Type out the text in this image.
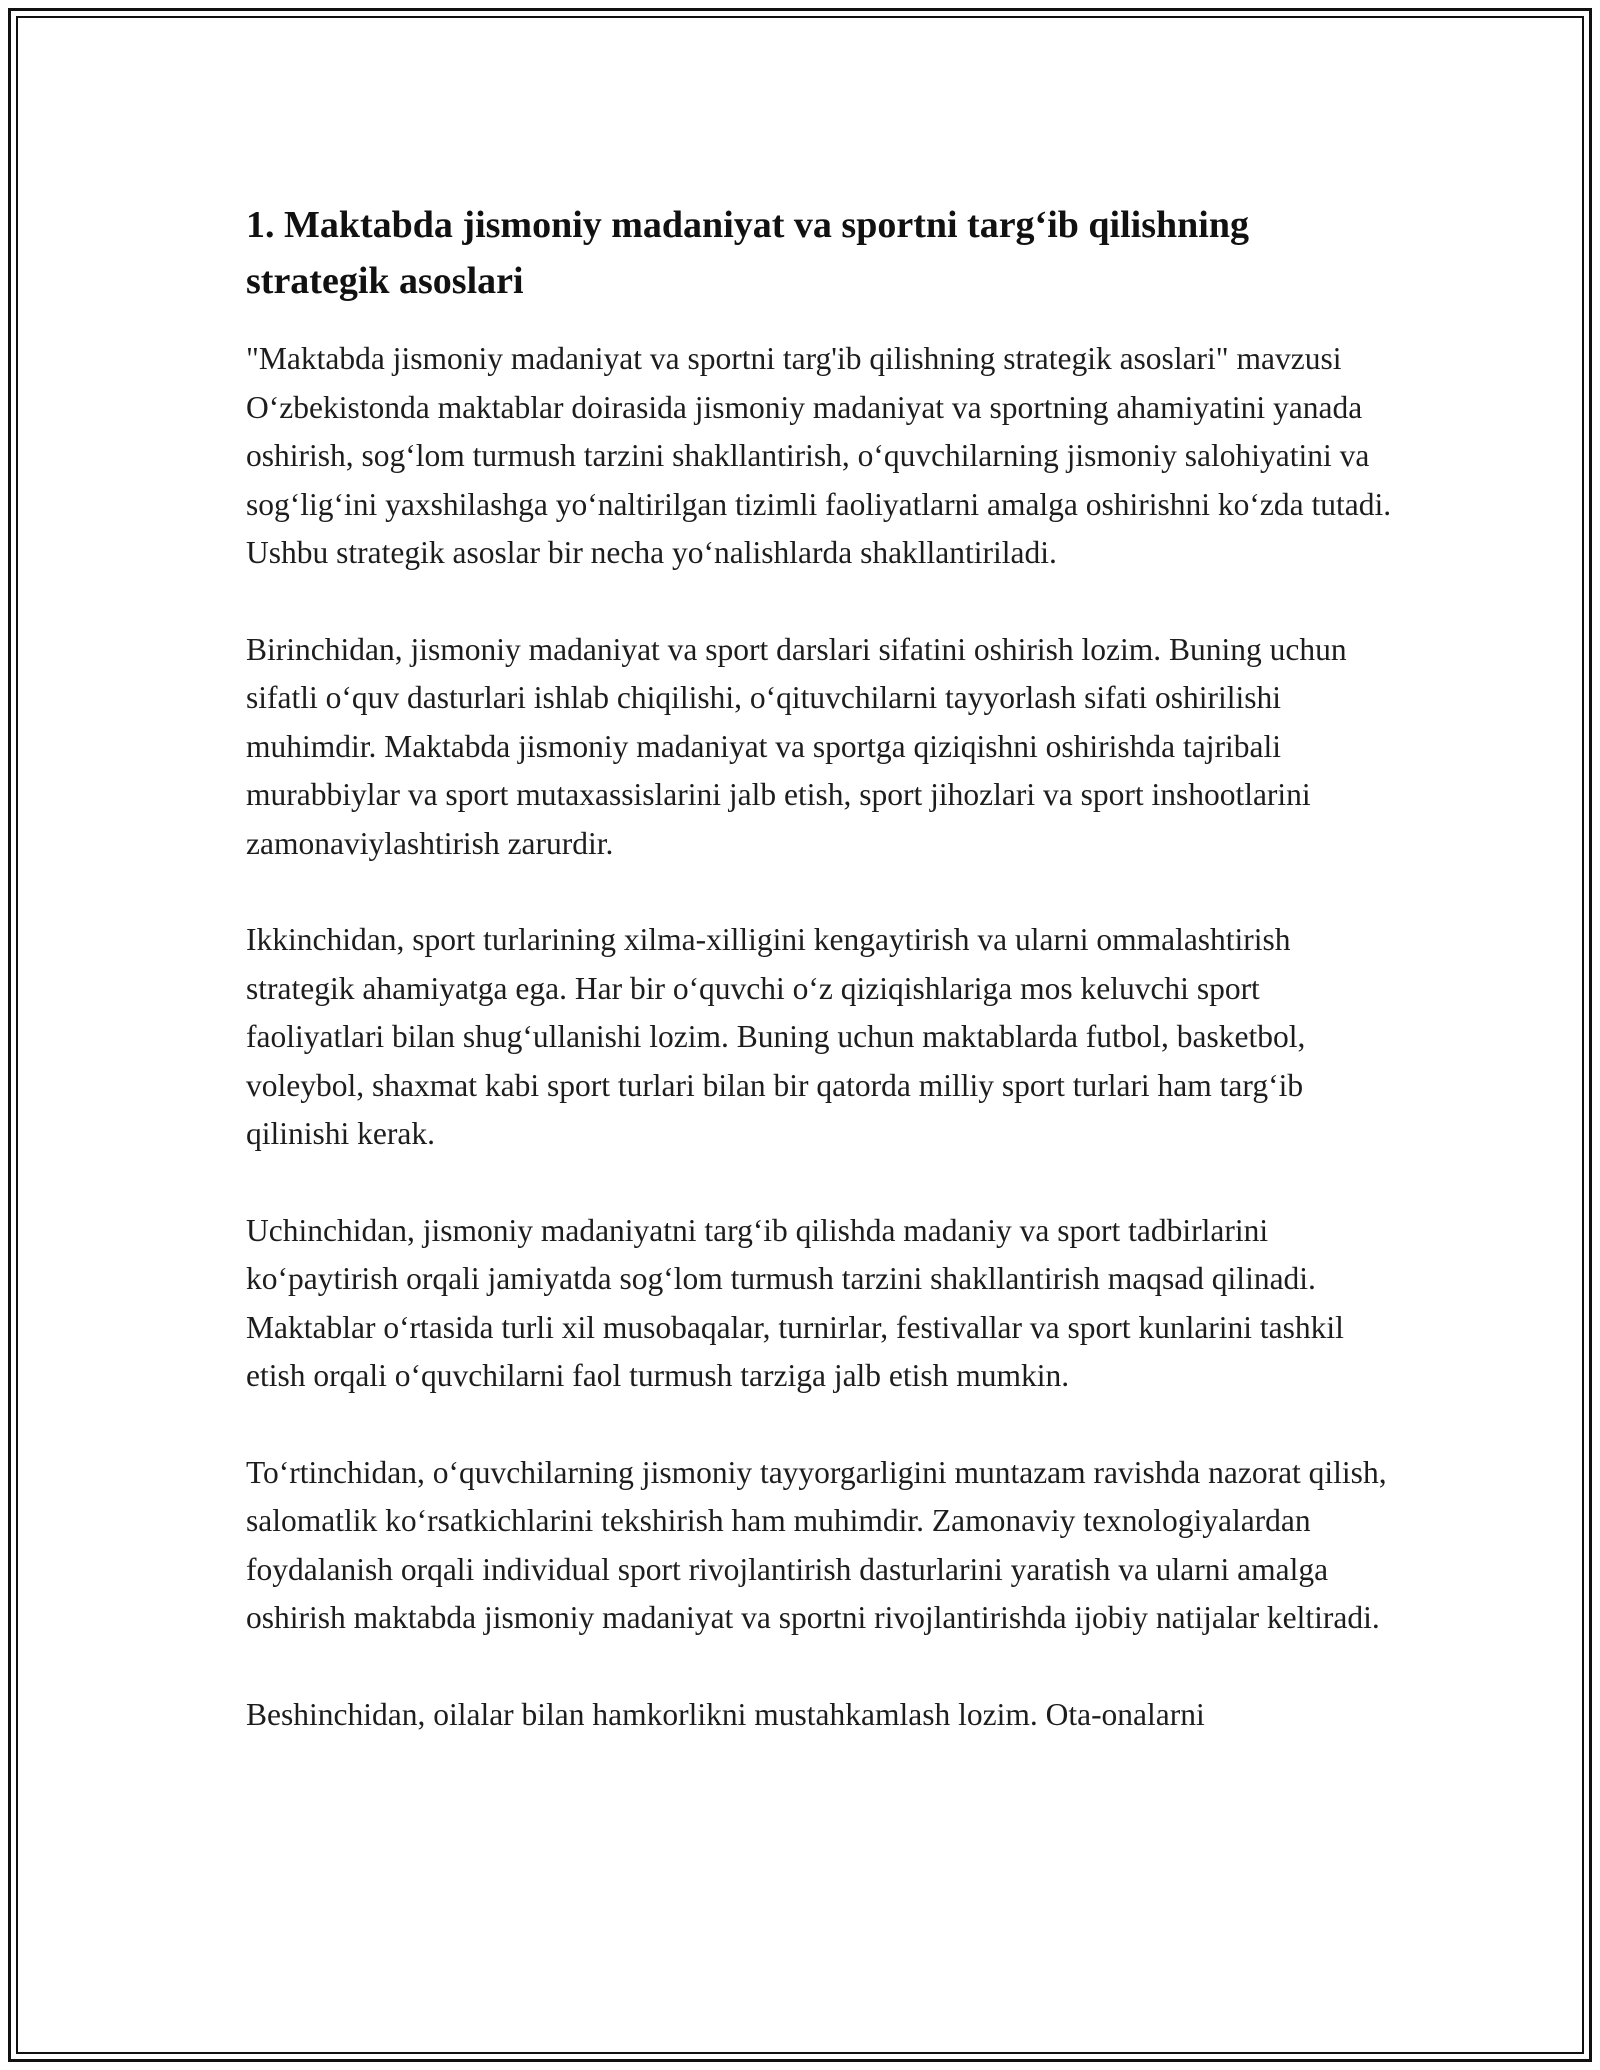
1. Maktabda jismoniy madaniyat va sportni targ‘ib qilishning strategik asoslari

"Maktabda jismoniy madaniyat va sportni targ'ib qilishning strategik asoslari" mavzusi O‘zbekistonda maktablar doirasida jismoniy madaniyat va sportning ahamiyatini yanada oshirish, sog‘lom turmush tarzini shakllantirish, o‘quvchilarning jismoniy salohiyatini va sog‘lig‘ini yaxshilashga yo‘naltirilgan tizimli faoliyatlarni amalga oshirishni ko‘zda tutadi. Ushbu strategik asoslar bir necha yo‘nalishlarda shakllantiriladi.

Birinchidan, jismoniy madaniyat va sport darslari sifatini oshirish lozim. Buning uchun sifatli o‘quv dasturlari ishlab chiqilishi, o‘qituvchilarni tayyorlash sifati oshirilishi muhimdir. Maktabda jismoniy madaniyat va sportga qiziqishni oshirishda tajribali murabbiylar va sport mutaxassislarini jalb etish, sport jihozlari va sport inshootlarini zamonaviylashtirish zarurdir.

Ikkinchidan, sport turlarining xilma-xilligini kengaytirish va ularni ommalashtirish strategik ahamiyatga ega. Har bir o‘quvchi o‘z qiziqishlariga mos keluvchi sport faoliyatlari bilan shug‘ullanishi lozim. Buning uchun maktablarda futbol, basketbol, voleybol, shaxmat kabi sport turlari bilan bir qatorda milliy sport turlari ham targ‘ib qilinishi kerak.

Uchinchidan, jismoniy madaniyatni targ‘ib qilishda madaniy va sport tadbirlarini ko‘paytirish orqali jamiyatda sog‘lom turmush tarzini shakllantirish maqsad qilinadi. Maktablar o‘rtasida turli xil musobaqalar, turnirlar, festivallar va sport kunlarini tashkil etish orqali o‘quvchilarni faol turmush tarziga jalb etish mumkin.

To‘rtinchidan, o‘quvchilarning jismoniy tayyorgarligini muntazam ravishda nazorat qilish, salomatlik ko‘rsatkichlarini tekshirish ham muhimdir. Zamonaviy texnologiyalardan foydalanish orqali individual sport rivojlantirish dasturlarini yaratish va ularni amalga oshirish maktabda jismoniy madaniyat va sportni rivojlantirishda ijobiy natijalar keltiradi.

Beshinchidan, oilalar bilan hamkorlikni mustahkamlash lozim. Ota-onalarni
